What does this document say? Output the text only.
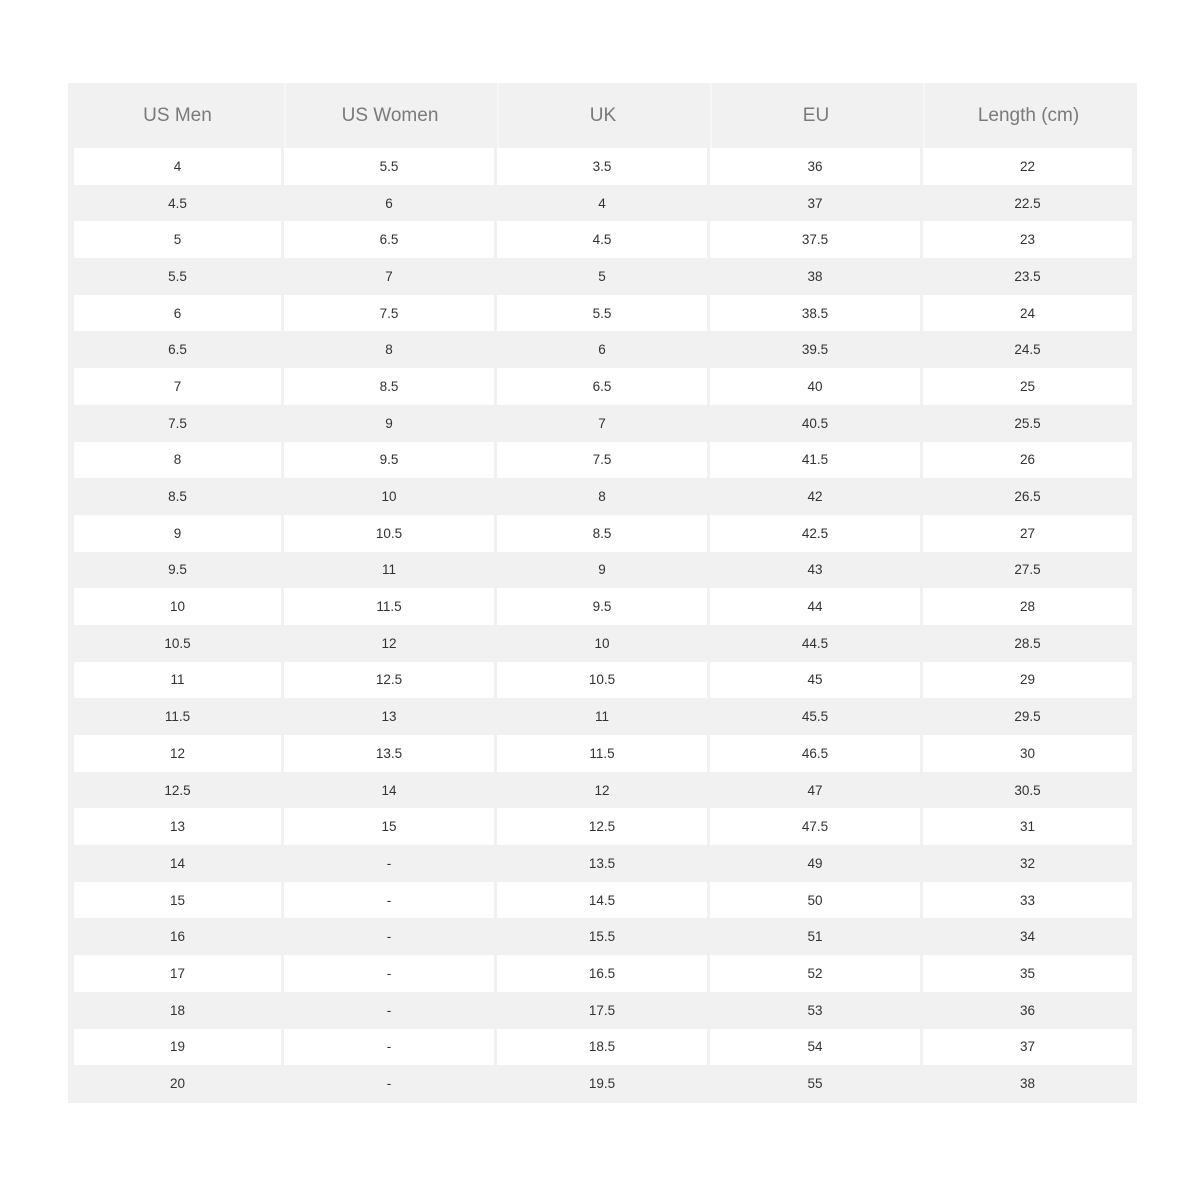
US Men	US Women	UK	EU	Length (cm)
4	5.5	3.5	36	22
4.5	6	4	37	22.5
5	6.5	4.5	37.5	23
5.5	7	5	38	23.5
6	7.5	5.5	38.5	24
6.5	8	6	39.5	24.5
7	8.5	6.5	40	25
7.5	9	7	40.5	25.5
8	9.5	7.5	41.5	26
8.5	10	8	42	26.5
9	10.5	8.5	42.5	27
9.5	11	9	43	27.5
10	11.5	9.5	44	28
10.5	12	10	44.5	28.5
11	12.5	10.5	45	29
11.5	13	11	45.5	29.5
12	13.5	11.5	46.5	30
12.5	14	12	47	30.5
13	15	12.5	47.5	31
14	-	13.5	49	32
15	-	14.5	50	33
16	-	15.5	51	34
17	-	16.5	52	35
18	-	17.5	53	36
19	-	18.5	54	37
20	-	19.5	55	38
